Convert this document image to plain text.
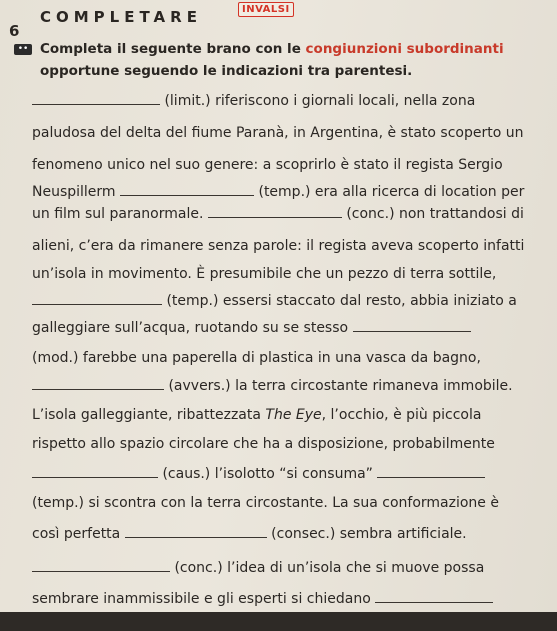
6
COMPLETARE	INVALSI
•• Completa il seguente brano con le congiunzioni subordinanti
opportune seguendo le indicazioni tra parentesi.
(limit.) riferiscono i giornali locali, nella zona
paludosa del delta del fiume Paranà, in Argentina, è stato scoperto un
fenomeno unico nel suo genere: a scoprirlo è stato il regista Sergio
Neuspillerm	(temp.) era alla ricerca di location per
un film sul paranormale.	(conc.) non trattandosi di
alieni, c’era da rimanere senza parole: il regista aveva scoperto infatti
un’isola in movimento. È presumibile che un pezzo di terra sottile,
(temp.) essersi staccato dal resto, abbia iniziato a
galleggiare sull’acqua, ruotando su se stesso
(mod.) farebbe una paperella di plastica in una vasca da bagno,
(avvers.) la terra circostante rimaneva immobile.
L’isola galleggiante, ribattezzata The Eye, l’occhio, è più piccola
rispetto allo spazio circolare che ha a disposizione, probabilmente
(caus.) l’isolotto “si consuma”
(temp.) si scontra con la terra circostante. La sua conformazione è
così perfetta	(consec.) sembra artificiale.
(conc.) l’idea di un’isola che si muove possa
sembrare inammissibile e gli esperti si chiedano
